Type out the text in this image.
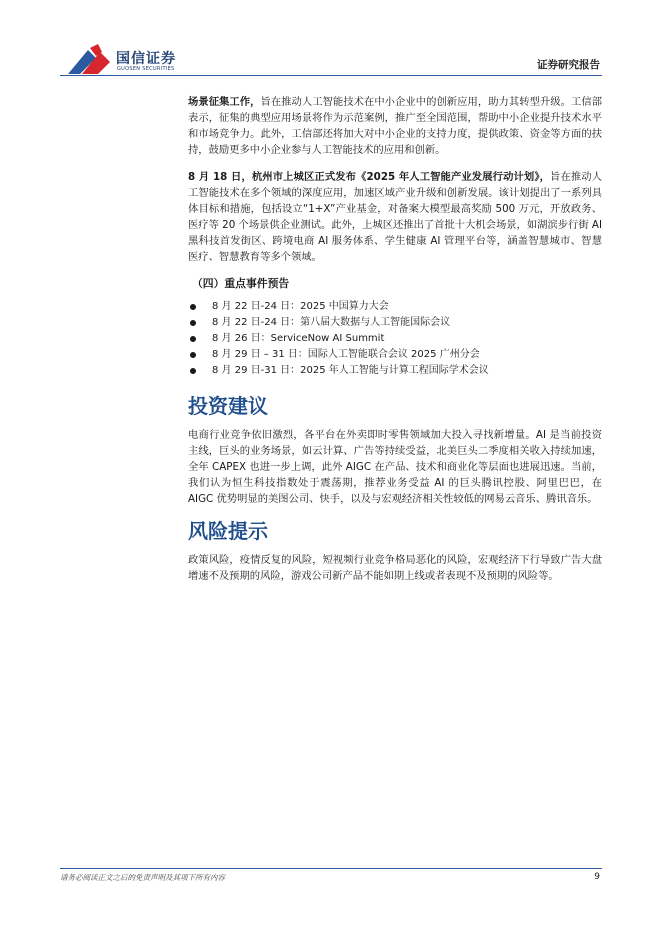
国信证券
GUOSEN SECURITIES	证券研究报告

场景征集工作，旨在推动人工智能技术在中小企业中的创新应用，助力其转型升级。工信部表示，征集的典型应用场景将作为示范案例，推广至全国范围，帮助中小企业提升技术水平和市场竞争力。此外，工信部还将加大对中小企业的支持力度，提供政策、资金等方面的扶持，鼓励更多中小企业参与人工智能技术的应用和创新。

8 月 18 日，杭州市上城区正式发布《2025 年人工智能产业发展行动计划》，旨在推动人工智能技术在多个领域的深度应用，加速区域产业升级和创新发展。该计划提出了一系列具体目标和措施，包括设立“1+X”产业基金，对备案大模型最高奖励 500 万元，开放政务、医疗等 20 个场景供企业测试。此外，上城区还推出了首批十大机会场景，如湖滨步行街 AI 黑科技首发街区、跨境电商 AI 服务体系、学生健康 AI 管理平台等，涵盖智慧城市、智慧医疗、智慧教育等多个领域。

（四）重点事件预告
8 月 22 日-24 日：2025 中国算力大会
8 月 22 日-24 日：第八届大数据与人工智能国际会议
8 月 26 日：ServiceNow AI Summit
8 月 29 日 – 31 日：国际人工智能联合会议 2025 广州分会
8 月 29 日-31 日：2025 年人工智能与计算工程国际学术会议
投资建议

电商行业竞争依旧激烈，各平台在外卖即时零售领域加大投入寻找新增量。AI 是当前投资主线，巨头的业务场景，如云计算、广告等持续受益，北美巨头二季度相关收入持续加速，全年 CAPEX 也进一步上调，此外 AIGC 在产品、技术和商业化等层面也进展迅速。当前，我们认为恒生科技指数处于震荡期，推荐业务受益 AI 的巨头腾讯控股、阿里巴巴，在 AIGC 优势明显的美图公司、快手，以及与宏观经济相关性较低的网易云音乐、腾讯音乐。

风险提示

政策风险，疫情反复的风险，短视频行业竞争格局恶化的风险，宏观经济下行导致广告大盘增速不及预期的风险，游戏公司新产品不能如期上线或者表现不及预期的风险等。

请务必阅读正文之后的免责声明及其项下所有内容	9
